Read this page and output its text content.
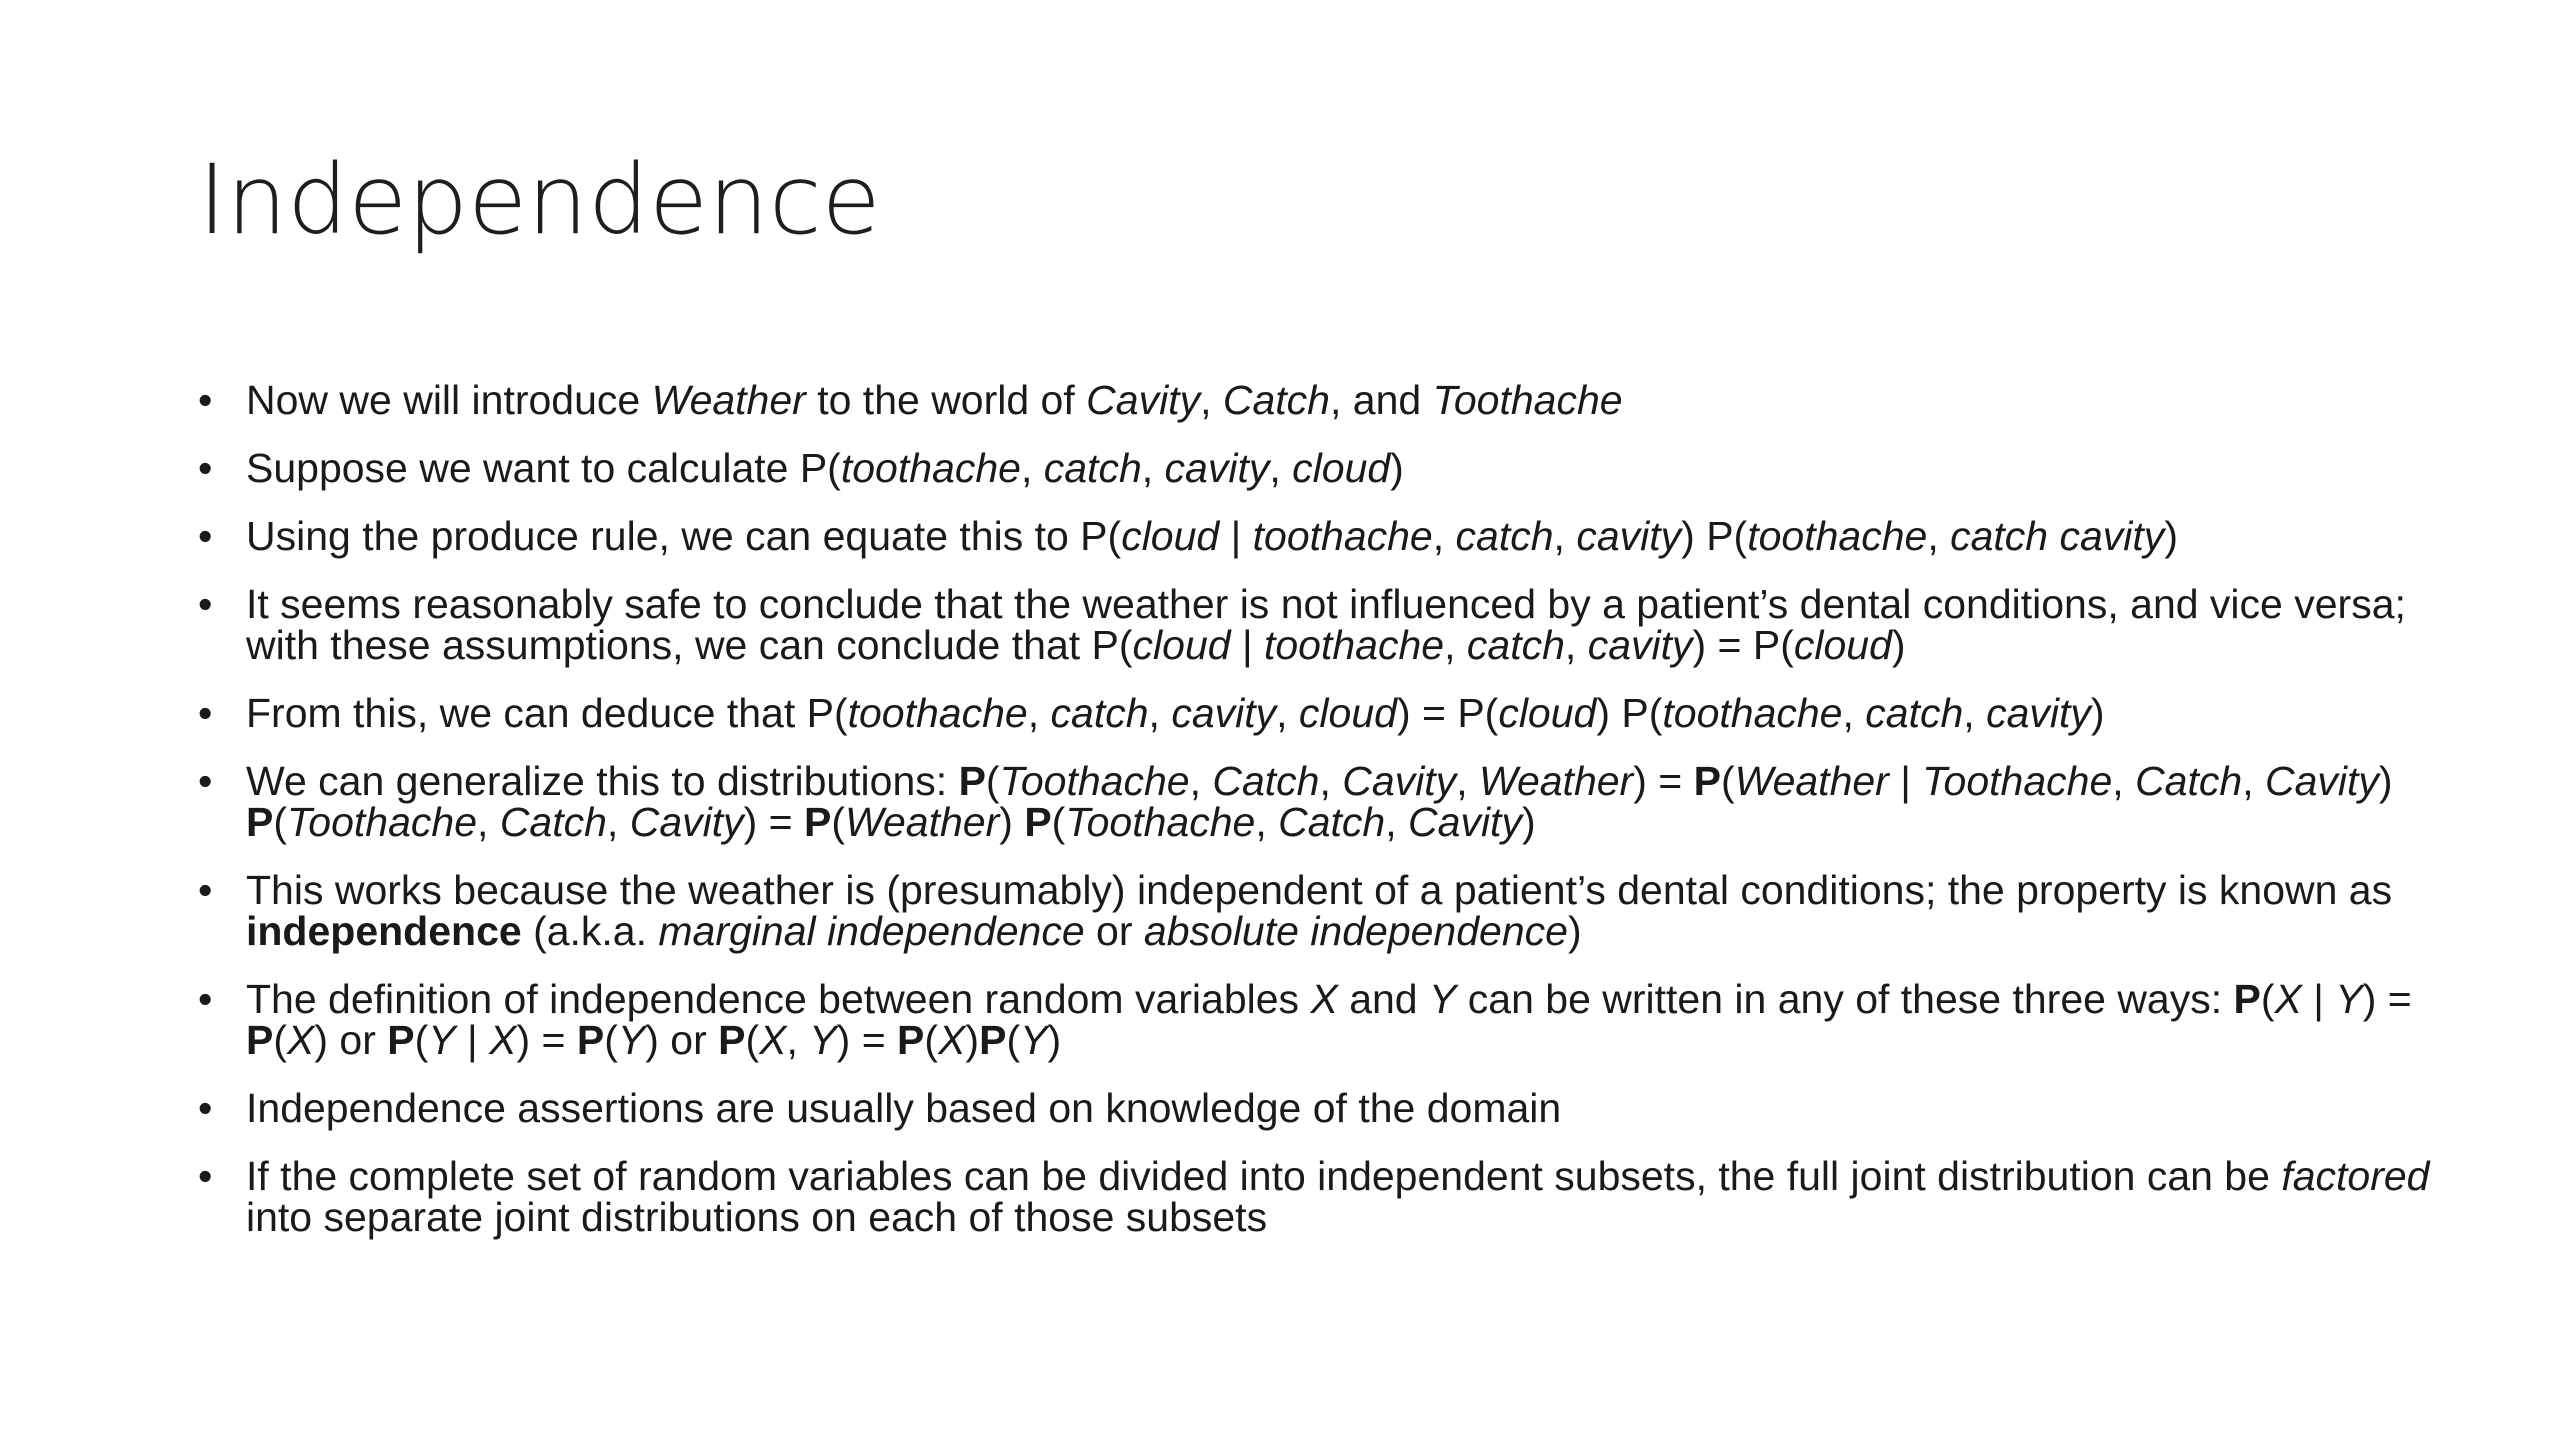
Independence
• Now we will introduce Weather to the world of Cavity, Catch, and Toothache
• Suppose we want to calculate P(toothache, catch, cavity, cloud)
• Using the produce rule, we can equate this to P(cloud | toothache, catch, cavity) P(toothache, catch cavity)
• It seems reasonably safe to conclude that the weather is not influenced by a patient’s dental conditions, and vice versa; with these assumptions, we can conclude that P(cloud | toothache, catch, cavity) = P(cloud)
• From this, we can deduce that P(toothache, catch, cavity, cloud) = P(cloud) P(toothache, catch, cavity)
• We can generalize this to distributions: P(Toothache, Catch, Cavity, Weather) = P(Weather | Toothache, Catch, Cavity) P(Toothache, Catch, Cavity) = P(Weather) P(Toothache, Catch, Cavity)
• This works because the weather is (presumably) independent of a patient’s dental conditions; the property is known as independence (a.k.a. marginal independence or absolute independence)
• The definition of independence between random variables X and Y can be written in any of these three ways: P(X | Y) = P(X) or P(Y | X) = P(Y) or P(X, Y) = P(X)P(Y)
• Independence assertions are usually based on knowledge of the domain
• If the complete set of random variables can be divided into independent subsets, the full joint distribution can be factored into separate joint distributions on each of those subsets
